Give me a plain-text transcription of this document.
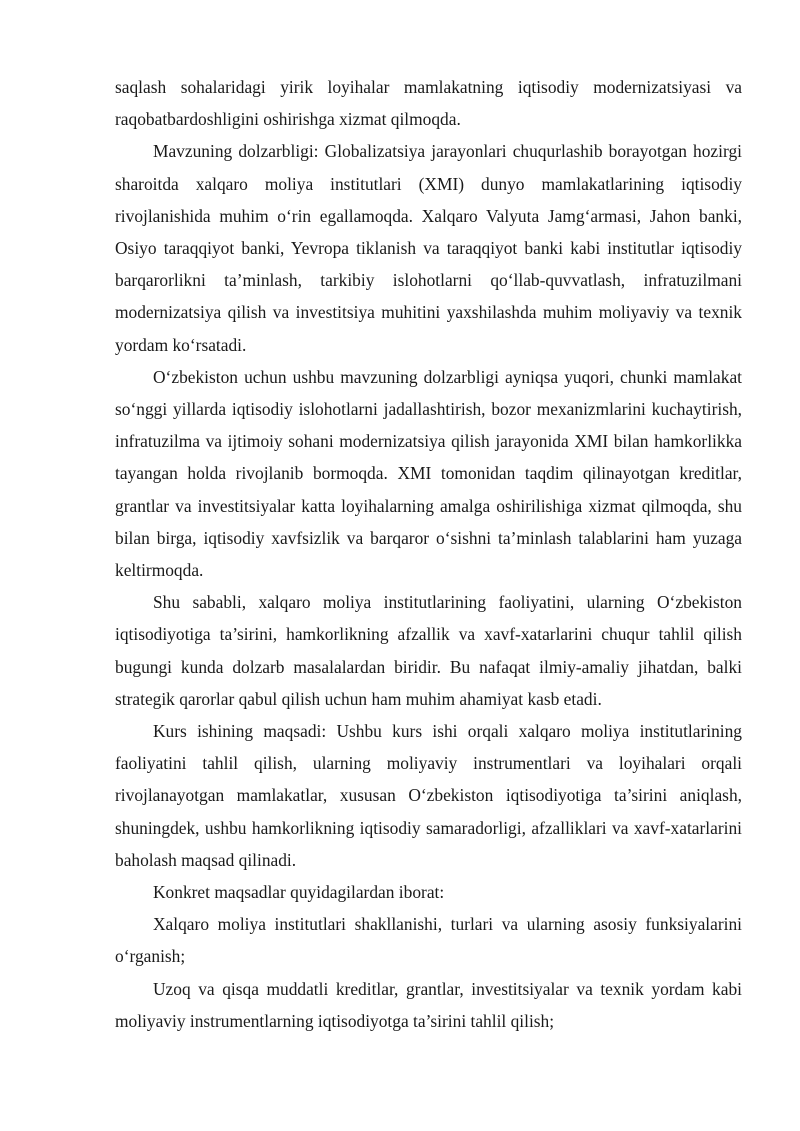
saqlash sohalaridagi yirik loyihalar mamlakatning iqtisodiy modernizatsiyasi va raqobatbardoshligini oshirishga xizmat qilmoqda.

Mavzuning dolzarbligi: Globalizatsiya jarayonlari chuqurlashib borayotgan hozirgi sharoitda xalqaro moliya institutlari (XMI) dunyo mamlakatlarining iqtisodiy rivojlanishida muhim o‘rin egallamoqda. Xalqaro Valyuta Jamg‘armasi, Jahon banki, Osiyo taraqqiyot banki, Yevropa tiklanish va taraqqiyot banki kabi institutlar iqtisodiy barqarorlikni ta’minlash, tarkibiy islohotlarni qo‘llab-quvvatlash, infratuzilmani modernizatsiya qilish va investitsiya muhitini yaxshilashda muhim moliyaviy va texnik yordam ko‘rsatadi.

O‘zbekiston uchun ushbu mavzuning dolzarbligi ayniqsa yuqori, chunki mamlakat so‘nggi yillarda iqtisodiy islohotlarni jadallashtirish, bozor mexanizmlarini kuchaytirish, infratuzilma va ijtimoiy sohani modernizatsiya qilish jarayonida XMI bilan hamkorlikka tayangan holda rivojlanib bormoqda. XMI tomonidan taqdim qilinayotgan kreditlar, grantlar va investitsiyalar katta loyihalarning amalga oshirilishiga xizmat qilmoqda, shu bilan birga, iqtisodiy xavfsizlik va barqaror o‘sishni ta’minlash talablarini ham yuzaga keltirmoqda.

Shu sababli, xalqaro moliya institutlarining faoliyatini, ularning O‘zbekiston iqtisodiyotiga ta’sirini, hamkorlikning afzallik va xavf-xatarlarini chuqur tahlil qilish bugungi kunda dolzarb masalalardan biridir. Bu nafaqat ilmiy-amaliy jihatdan, balki strategik qarorlar qabul qilish uchun ham muhim ahamiyat kasb etadi.

Kurs ishining maqsadi: Ushbu kurs ishi orqali xalqaro moliya institutlarining faoliyatini tahlil qilish, ularning moliyaviy instrumentlari va loyihalari orqali rivojlanayotgan mamlakatlar, xususan O‘zbekiston iqtisodiyotiga ta’sirini aniqlash, shuningdek, ushbu hamkorlikning iqtisodiy samaradorligi, afzalliklari va xavf-xatarlarini baholash maqsad qilinadi.

Konkret maqsadlar quyidagilardan iborat:

Xalqaro moliya institutlari shakllanishi, turlari va ularning asosiy funksiyalarini o‘rganish;

Uzoq va qisqa muddatli kreditlar, grantlar, investitsiyalar va texnik yordam kabi moliyaviy instrumentlarning iqtisodiyotga ta’sirini tahlil qilish;
